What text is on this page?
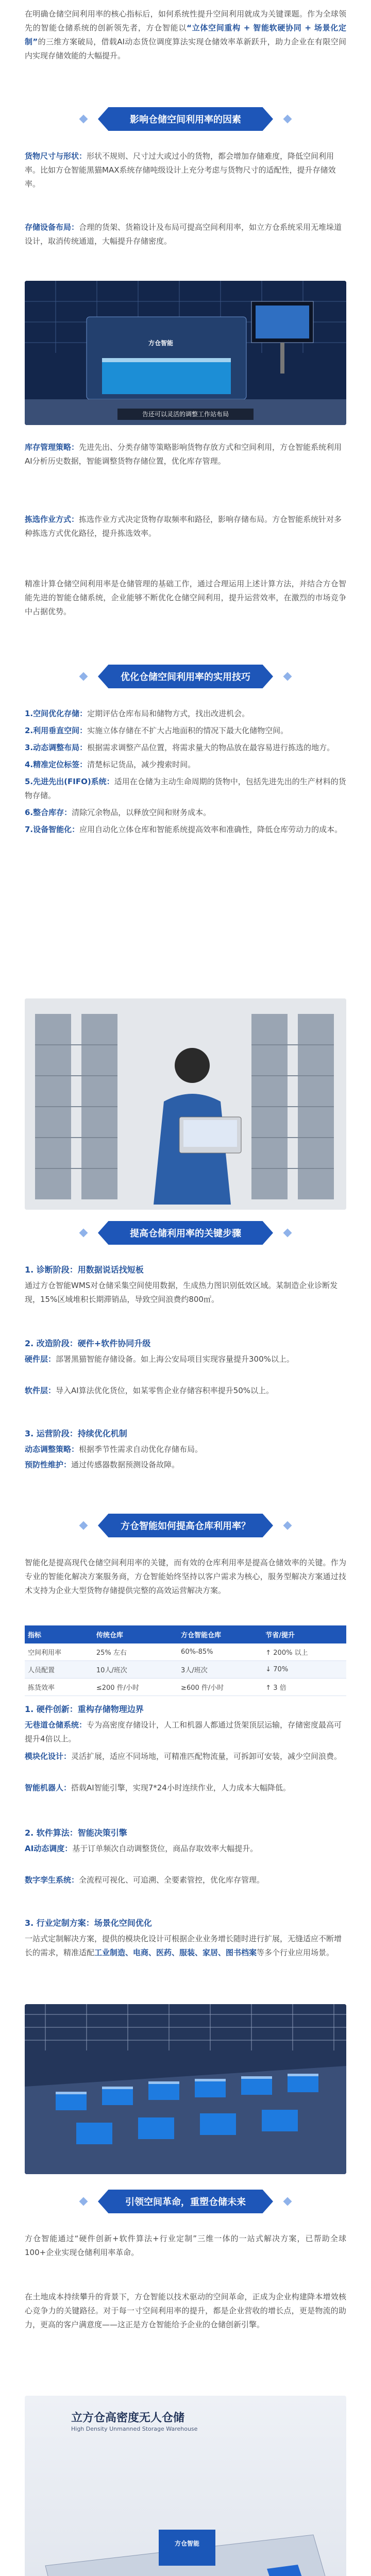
在明确仓储空间利用率的核心指标后，如何系统性提升空间利用就成为关键课题。作为全球领先的智能仓储系统的创新领先者，方仓智能以“立体空间重构 + 智能软硬协同 + 场景化定制”的三维方案破局，借载AI动态货位调度算法实现仓储效率革新跃升，助力企业在有限空间内实现存储效能的大幅提升。

影响仓储空间利用率的因素

货物尺寸与形状：形状不规则、尺寸过大或过小的货物，都会增加存储难度，降低空间利用率。比如方仓智能黑猫MAX系统存储吨级设计上充分考虑与货物尺寸的适配性，提升存储效率。

存储设备布局：合理的货架、货箱设计及布局可提高空间利用率，如立方仓系统采用无堆垛道设计，取消传统通道，大幅提升存储密度。

方仓智能
告还可以灵活的调整工作站布局

库存管理策略：先进先出、分类存储等策略影响货物存放方式和空间利用，方仓智能系统利用AI分析历史数据，智能调整货物存储位置，优化库存管理。

拣选作业方式：拣选作业方式决定货物存取频率和路径，影响存储布局。方仓智能系统针对多种拣选方式优化路径，提升拣选效率。

精准计算仓储空间利用率是仓储管理的基础工作，通过合理运用上述计算方法，并结合方仓智能先进的智能仓储系统，企业能够不断优化仓储空间利用，提升运营效率，在激烈的市场竞争中占据优势。

优化仓储空间利用率的实用技巧

1.空间优化存储：定期评估仓库布局和储物方式，找出改进机会。

2.利用垂直空间：实施立体存储在不扩大占地面积的情况下最大化储物空间。

3.动态调整布局：根据需求调整产品位置，将需求量大的物品放在最容易进行拣选的地方。

4.精准定位标签：清楚标记货品，减少搜索时间。

5.先进先出(FIFO)系统：适用在仓储为主动生命周期的货物中，包括先进先出的生产材料的货物存储。

6.整合库存：清除冗余物品，以释放空间和财务成本。

7.设备智能化：应用自动化立体仓库和智能系统提高效率和准确性，降低仓库劳动力的成本。

提高仓储利用率的关键步骤
1. 诊断阶段：用数据说话找短板

通过方仓智能WMS对仓储采集空间使用数据，生成热力图识别低效区域。某制造企业诊断发现，15%区域堆积长期滞销品，导致空间浪费约800㎡。

2. 改造阶段：硬件+软件协同升级

硬件层：部署黑猫智能存储设备。如上海公安局项目实现容量提升300%以上。

软件层：导入AI算法优化货位，如某零售企业存储容积率提升50%以上。

3. 运营阶段：持续优化机制

动态调整策略：根据季节性需求自动优化存储布局。

预防性维护：通过传感器数据预测设备故障。

方仓智能如何提高仓库利用率？

智能化是提高现代仓储空间利用率的关键，而有效的仓库利用率是提高仓储效率的关键。作为专业的智能化解决方案服务商，方仓智能始终坚持以客户需求为核心，服务型解决方案通过技术支持为企业大型货物存储提供完整的高效运营解决方案。

指标	传统仓库	方仓智能仓库	节省/提升
空间利用率	25% 左右	60%-85%	↑ 200% 以上
人员配置	10人/班次	3人/班次	↓ 70%
拣货效率	≤200 件/小时	≥600 件/小时	↑ 3 倍
1. 硬件创新：重构存储物理边界

无巷道仓储系统：专为高密度存储设计，人工和机器人都通过货架顶层运输，存储密度最高可提升4倍以上。

模块化设计：灵活扩展，适应不同场地，可精准匹配物流量，可拆卸可安装，减少空间浪费。

智能机器人：搭载AI智能引擎，实现7*24小时连续作业，人力成本大幅降低。

2. 软件算法：智能决策引擎

AI动态调度：基于订单频次自动调整货位，商品存取效率大幅提升。

数字孪生系统：全流程可视化、可追溯、全要素管控，优化库存管理。

3. 行业定制方案：场景化空间优化

一站式定制解决方案，提供的模块化设计可根据企业业务增长随时进行扩展，无缝适应不断增长的需求，精准适配工业制造、电商、医药、服装、家居、图书档案等多个行业应用场景。

引领空间革命，重塑仓储未来

方仓智能通过“硬件创新+软件算法+行业定制”三维一体的一站式解决方案，已帮助全球100+企业实现仓储利用率革命。

在土地成本持续攀升的背景下，方仓智能以技术驱动的空间革命，正成为企业构建降本增效核心竞争力的关键路径。对于每一寸空间利用率的提升，都是企业营收的增长点，更是物流的助力，更高的客户满意度——这正是方仓智能给予企业的仓储创新引擎。

立方仓高密度无人仓储
High Density Unmanned Storage Warehouse
方仓智能
